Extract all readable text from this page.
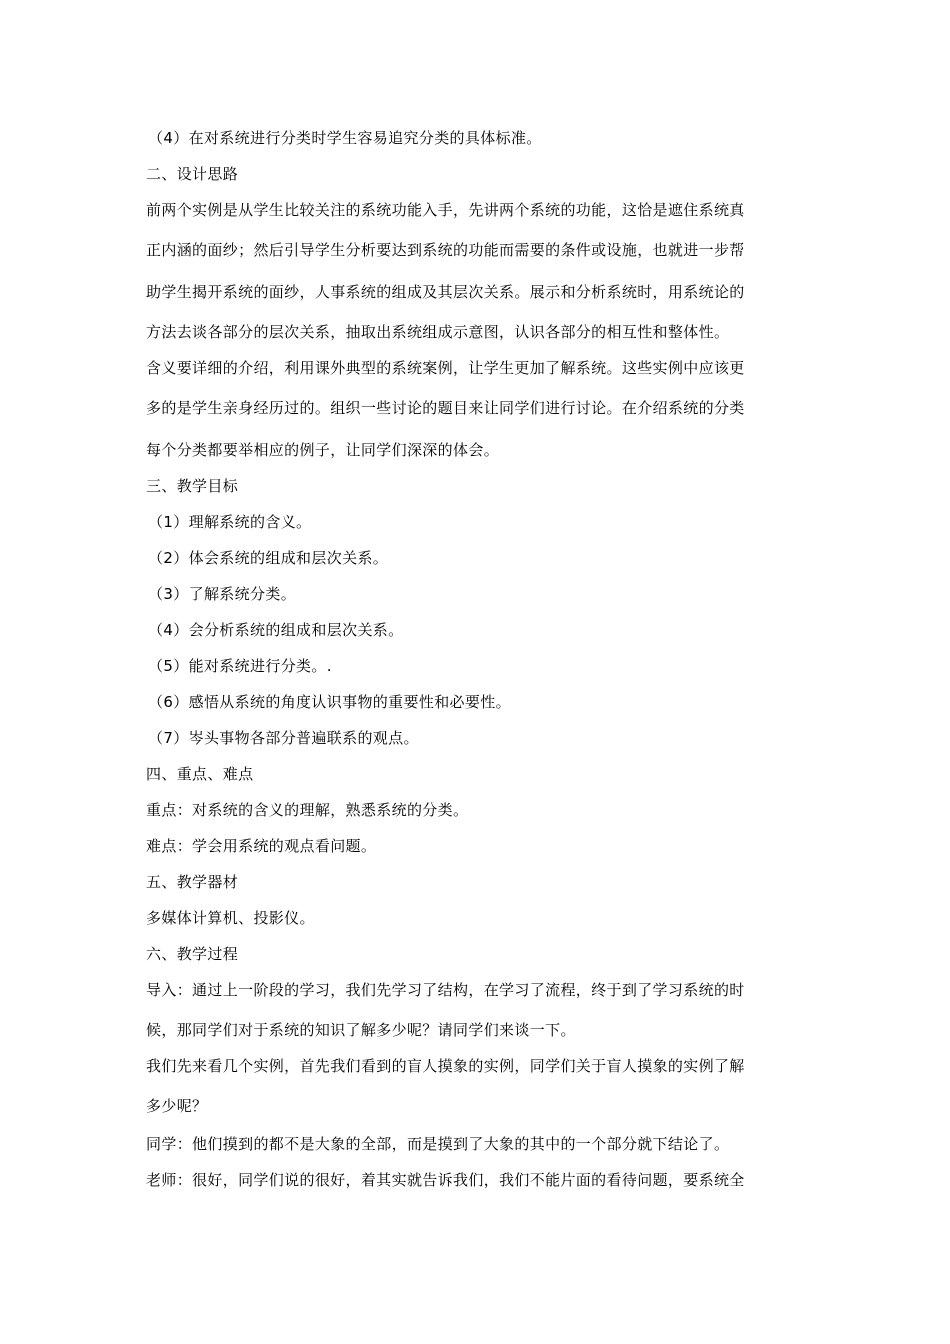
（4）在对系统进行分类时学生容易追究分类的具体标准。
二、设计思路
前两个实例是从学生比较关注的系统功能入手，先讲两个系统的功能，这恰是遮住系统真
正内涵的面纱；然后引导学生分析要达到系统的功能而需要的条件或设施，也就进一步帮
助学生揭开系统的面纱，人事系统的组成及其层次关系。展示和分析系统时，用系统论的
方法去谈各部分的层次关系，抽取出系统组成示意图，认识各部分的相互性和整体性。
含义要详细的介绍，利用课外典型的系统案例，让学生更加了解系统。这些实例中应该更
多的是学生亲身经历过的。组织一些讨论的题目来让同学们进行讨论。在介绍系统的分类
每个分类都要举相应的例子，让同学们深深的体会。
三、教学目标
（1）理解系统的含义。
（2）体会系统的组成和层次关系。
（3）了解系统分类。
（4）会分析系统的组成和层次关系。
（5）能对系统进行分类。.
（6）感悟从系统的角度认识事物的重要性和必要性。
（7）岑头事物各部分普遍联系的观点。
四、重点、难点
重点：对系统的含义的理解，熟悉系统的分类。
难点：学会用系统的观点看问题。
五、教学器材
多媒体计算机、投影仪。
六、教学过程
导入：通过上一阶段的学习，我们先学习了结构，在学习了流程，终于到了学习系统的时
候，那同学们对于系统的知识了解多少呢？请同学们来谈一下。
我们先来看几个实例，首先我们看到的盲人摸象的实例，同学们关于盲人摸象的实例了解
多少呢？
同学：他们摸到的都不是大象的全部，而是摸到了大象的其中的一个部分就下结论了。
老师：很好，同学们说的很好，着其实就告诉我们，我们不能片面的看待问题，要系统全
